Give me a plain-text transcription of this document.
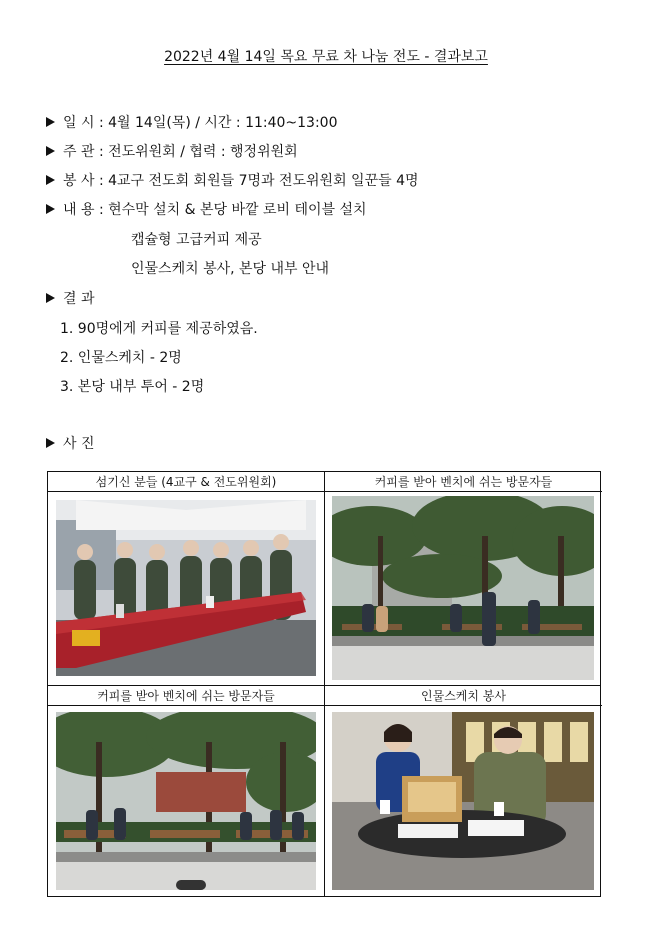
2022년 4월 14일 목요 무료 차 나눔 전도 - 결과보고
일 시 : 4월 14일(목) / 시간 : 11:40~13:00
주 관 : 전도위원회 / 협력 : 행정위원회
봉 사 : 4교구 전도회 회원들 7명과 전도위원회 일꾼들 4명
내 용 : 현수막 설치 & 본당 바깥 로비 테이블 설치
캡슐형 고급커피 제공
인물스케치 봉사, 본당 내부 안내
결 과
1. 90명에게 커피를 제공하였음.
2. 인물스케치 - 2명
3. 본당 내부 투어 - 2명
사 진
섬기신 분들 (4교구 & 전도위원회)	커피를 받아 벤치에 쉬는 방문자들
커피를 받아 벤치에 쉬는 방문자들	인물스케치 봉사
